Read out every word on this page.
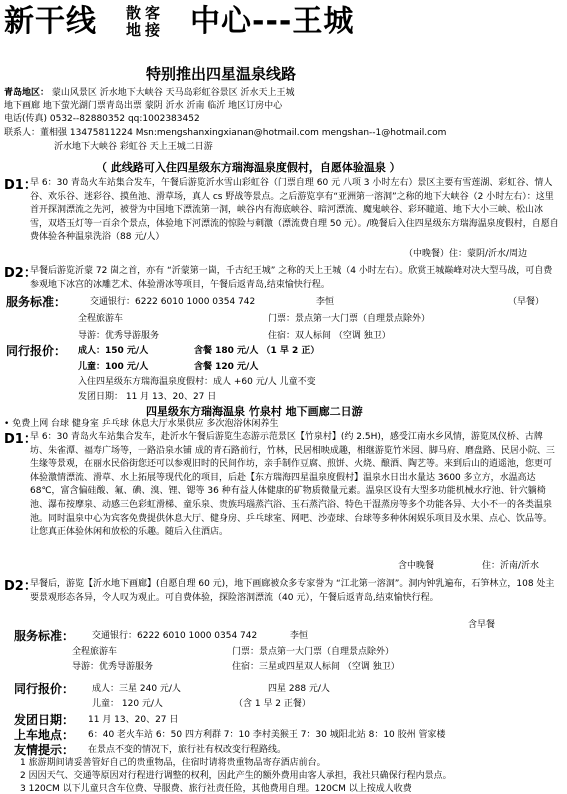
新干线 散客
地接 中心---王城
特别推出四星温泉线路
青岛地区： 蒙山风景区 沂水地下大峡谷 天马岛彩虹谷景区 沂水天上王城
地下画廊 地下萤光湖门票青岛出票 蒙阴 沂水 沂南 临沂 地区订房中心
电话(传真) 0532--82880352 qq:1002383452
联系人：董相强 13475811224 Msn:mengshanxingxianan@hotmail.com mengshan--1@hotmail.com
沂水地下大峡谷 彩虹谷 天上王城二日游
（ 此线路可入住四星级东方瑞海温泉度假村，自愿体验温泉 ）
D1：
早 6：30 青岛火车站集合发车，午餐后游览沂水雪山彩虹谷（门票自理 60 元 八项 3 小时左右）景区主要有雪莲湖、彩虹谷、情人谷、欢乐谷、迷彩谷、摸鱼池、滑草场，真人 cs 野战等景点。之后游览享有“亚洲第一溶洞”之称的地下大峡谷（2 小时左右）：这里首开探洞漂流之先河，被誉为中国地下漂流第一洞，峡谷内有海底峡谷、暗河漂流、魔鬼峡谷、彩环瞳道、地下大小三峡、松山冰雪，双塔玉灯等一百余个景点，体验地下河漂流的惊险与刺激（漂流费自理 50 元）。/晚餐后入住四星级东方瑞海温泉度假村，自愿自费体验各种温泉洗浴（88 元/人）
（中晚餐）住：蒙阴/沂水/周边
D2：
早餐后游览沂蒙 72 崮之首，亦有 “沂蒙第一崮，千古纪王城” 之称的天上王城（4 小时左右）。欣赏王城巅峰对决大型马战，可自费参观地下冰宫的冰雕艺术、体验滑冰等项目，午餐后返青岛,结束愉快行程。
服务标准：	交通银行：6222 6010 1000 0354 742	李恒	（早餐）
全程旅游车	门票：景点第一大门票（自理景点除外）
导游：优秀导游服务	住宿：双人标间 （空调 独卫）
同行报价： 成人：150 元/人	含餐 180 元/人 （1 早 2 正）
儿童：100 元/人	含餐 120 元/人
入住四星级东方瑞海温泉度假村：成人 +60 元/人 儿童不变
发团日期： 11 月 13、20、27 日
四星级东方瑞海温泉 竹泉村 地下画廊二日游
• 免费上网 台球 健身室 乒乓球 休息大厅水果供应 多次泡浴休闲养生
D1：
早 6：30 青岛火车站集合发车，赴沂水午餐后游览生态游示范景区【竹泉村】(约 2.5H)，感受江南水乡风情，游览凤仪桥、古牌坊、朱雀潭、福寿广场等，一路沿泉水铺 成的青石路前行，竹林，民居相映成趣，相继游览竹米园、脚马府、磨盘路、民居小院、三生缘等景观，在丽水民俗街您还可以参观旧时的民间作坊，亲手制作豆腐、煎饼、火烧、酿酒、陶艺等。来到后山的逍遥池，您更可体验激情漂流、滑草、水上拓展等现代化的项目，后赴【东方瑞海四星温泉度假村】温泉水日出水量达 3600 多立方，水温高达 68℃，富含偏硅酸、氟、碘、溴、锂、锶等 36 种有益人体健康的矿物质微量元素。温泉区设有大型多功能机械水疗池、针穴躺椅池、瀑布按摩泉、动感三色彩虹滑梯、童乐泉、贵族玛瑙蒸汽浴、玉石蒸汽浴、特色干湿蒸房等多个功能各异、大小不一的各类温泉池。同时温泉中心为宾客免费提供休息大厅、健身房、乒乓球室、网吧、沙壶球、台球等多种休闲娱乐项目及水果、点心、饮品等。让您真正体验休闲和放松的乐趣。随后入住酒店。
含中晚餐	住：沂南/沂水
D2：
早餐后，游览【沂水地下画廊】(自愿自理 60 元)，地下画廊被众多专家誉为 “江北第一溶洞”。洞内钟乳遍布，石笋林立，108 处主要景观形态各异，令人叹为观止。可自费体验，探险溶洞漂流（40 元），午餐后返青岛,结束愉快行程。
含早餐
服务标准： 交通银行：6222 6010 1000 0354 742	李恒
全程旅游车	门票：景点第一大门票（自理景点除外）
导游：优秀导游服务	住宿：三星或四星双人标间 （空调 独卫）
同行报价： 成人：三星 240 元/人	四星 288 元/人
儿童： 120 元/人	（含 1 早 2 正餐）
发团日期： 11 月 13、20、27 日
上车地点： 6：40 老火车站 6：50 四方利群 7：10 李村美猴王 7：30 城阳北站 8：10 胶州 管家楼
友情提示： 在景点不变的情况下，旅行社有权改变行程路线。
1 旅游期间请妥善管好自己的贵重物品，住宿时请将贵重物品寄存酒店前台。
2 因因天气、交通等原因对行程进行调整的权利，因此产生的额外费用由客人承担，我社只确保行程内景点。
3 120CM 以下儿童只含车位费、导服费、旅行社责任险，其他费用自理。120CM 以上按成人收费
